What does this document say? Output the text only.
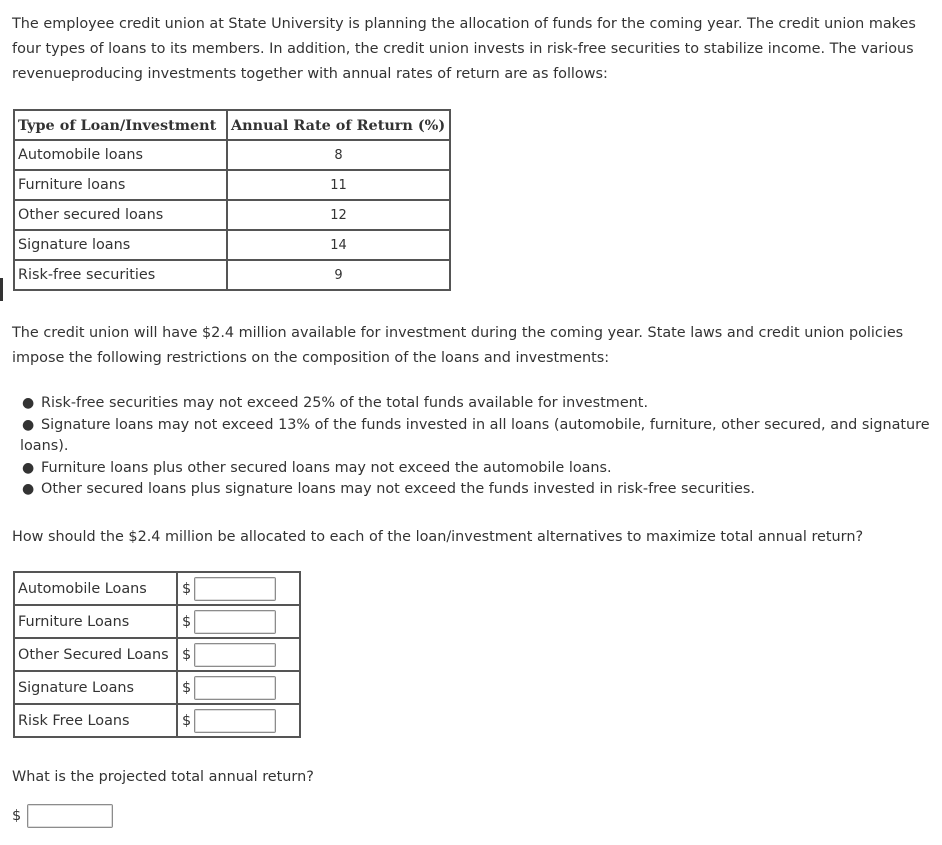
The employee credit union at State University is planning the allocation of funds for the coming year. The credit union makes four types of loans to its members. In addition, the credit union invests in risk-free securities to stabilize income. The various revenueproducing investments together with annual rates of return are as follows:

Type of Loan/Investment	Annual Rate of Return (%)
Automobile loans	8
Furniture loans	11
Other secured loans	12
Signature loans	14
Risk-free securities	9

The credit union will have $2.4 million available for investment during the coming year. State laws and credit union policies impose the following restrictions on the composition of the loans and investments:

● Risk-free securities may not exceed 25% of the total funds available for investment.
● Signature loans may not exceed 13% of the funds invested in all loans (automobile, furniture, other secured, and signature loans).
● Furniture loans plus other secured loans may not exceed the automobile loans.
● Other secured loans plus signature loans may not exceed the funds invested in risk-free securities.

How should the $2.4 million be allocated to each of the loan/investment alternatives to maximize total annual return?

Automobile Loans	$
Furniture Loans	$
Other Secured Loans	$
Signature Loans	$
Risk Free Loans	$

What is the projected total annual return?

$
